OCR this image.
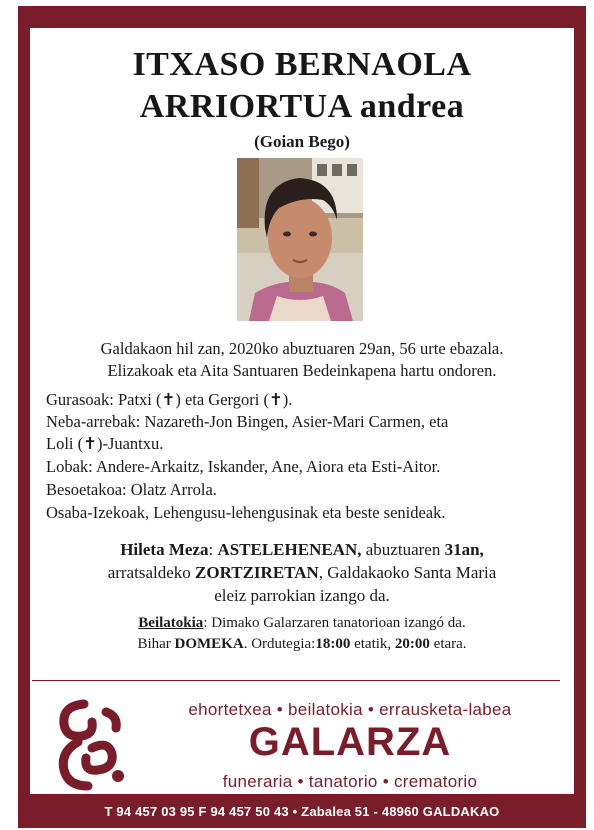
ITXASO BERNAOLA
ARRIORTUA andrea
(Goian Bego)
Galdakaon hil zan, 2020ko abuztuaren 29an, 56 urte ebazala.
Elizakoak eta Aita Santuaren Bedeinkapena hartu ondoren.
Gurasoak: Patxi (✝) eta Gergori (✝).
Neba-arrebak: Nazareth-Jon Bingen, Asier-Mari Carmen, eta
Loli (✝)-Juantxu.
Lobak: Andere-Arkaitz, Iskander, Ane, Aiora eta Esti-Aitor.
Besoetakoa: Olatz Arrola.
Osaba-Izekoak, Lehengusu-lehengusinak eta beste senideak.
Hileta Meza: ASTELEHENEAN, abuztuaren 31an,
arratsaldeko ZORTZIRETAN, Galdakaoko Santa Maria
eleiz parrokian izango da.
Beilatokia: Dimako Galarzaren tanatorioan izangó da.
Bihar DOMEKA. Ordutegia:18:00 etatik, 20:00 etara.
ehortetxea • beilatokia • errausketa-labea
GALARZA
funeraria • tanatorio • crematorio
T 94 457 03 95 F 94 457 50 43 • Zabalea 51 - 48960 GALDAKAO
